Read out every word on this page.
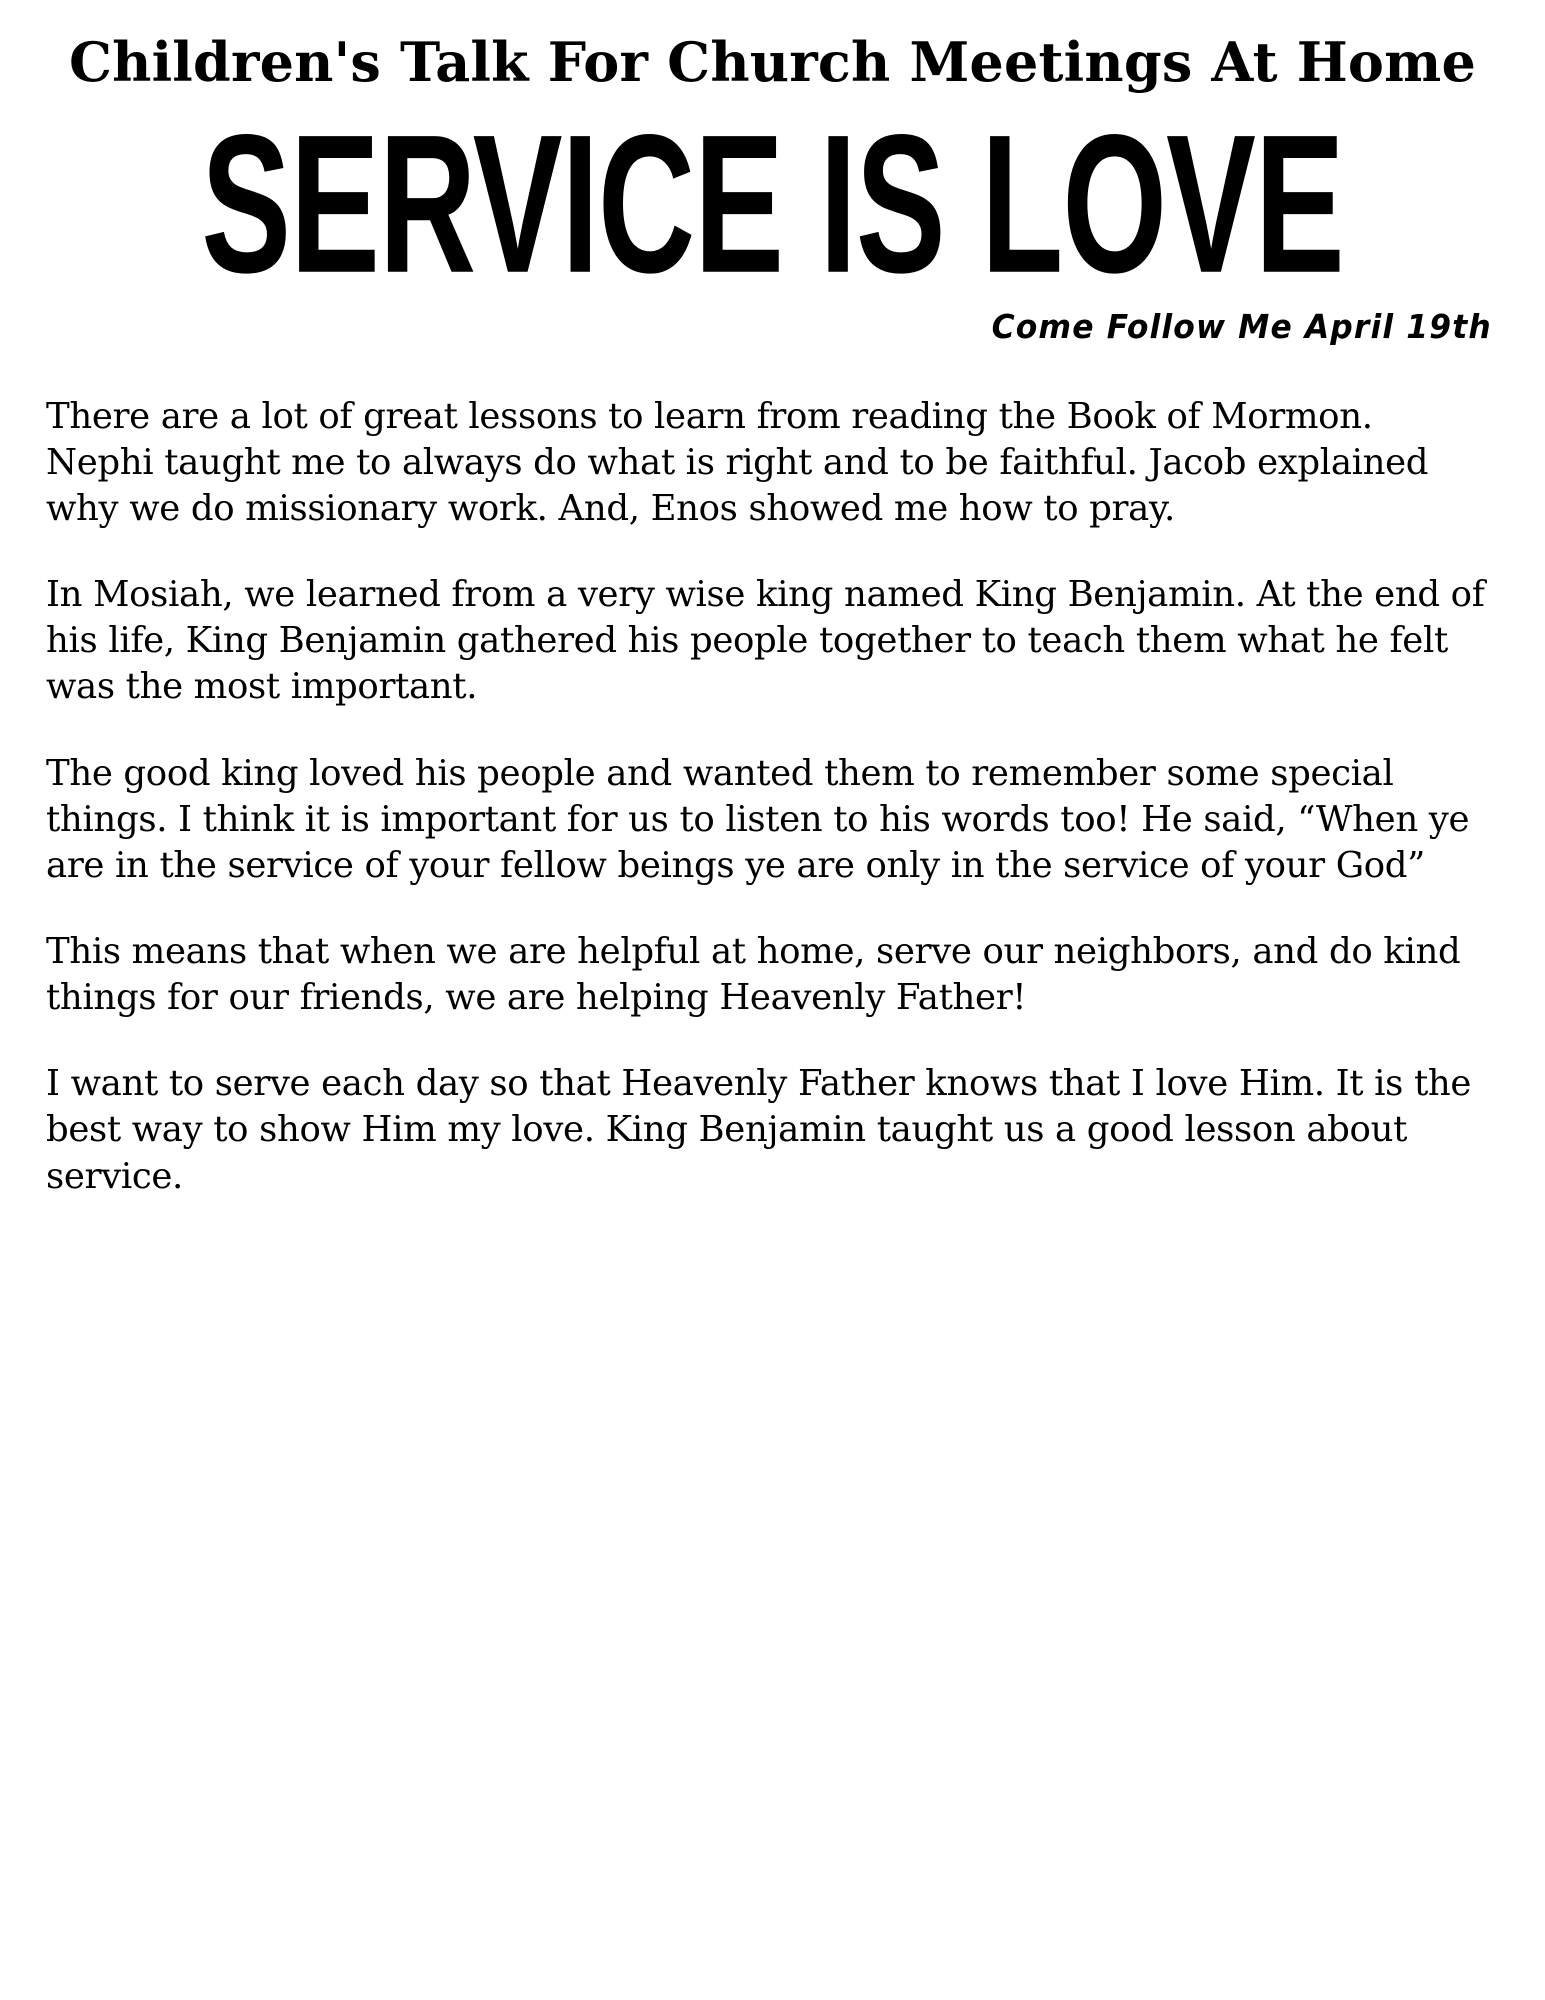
Children's Talk For Church Meetings At Home
SERVICE IS LOVE
Come Follow Me April 19th

There are a lot of great lessons to learn from reading the Book of Mormon. Nephi taught me to always do what is right and to be faithful. Jacob explained why we do missionary work. And, Enos showed me how to pray.

In Mosiah, we learned from a very wise king named King Benjamin. At the end of his life, King Benjamin gathered his people together to teach them what he felt was the most important.

The good king loved his people and wanted them to remember some special things. I think it is important for us to listen to his words too! He said, “When ye are in the service of your fellow beings ye are only in the service of your God”

This means that when we are helpful at home, serve our neighbors, and do kind things for our friends, we are helping Heavenly Father!

I want to serve each day so that Heavenly Father knows that I love Him. It is the best way to show Him my love. King Benjamin taught us a good lesson about service.
